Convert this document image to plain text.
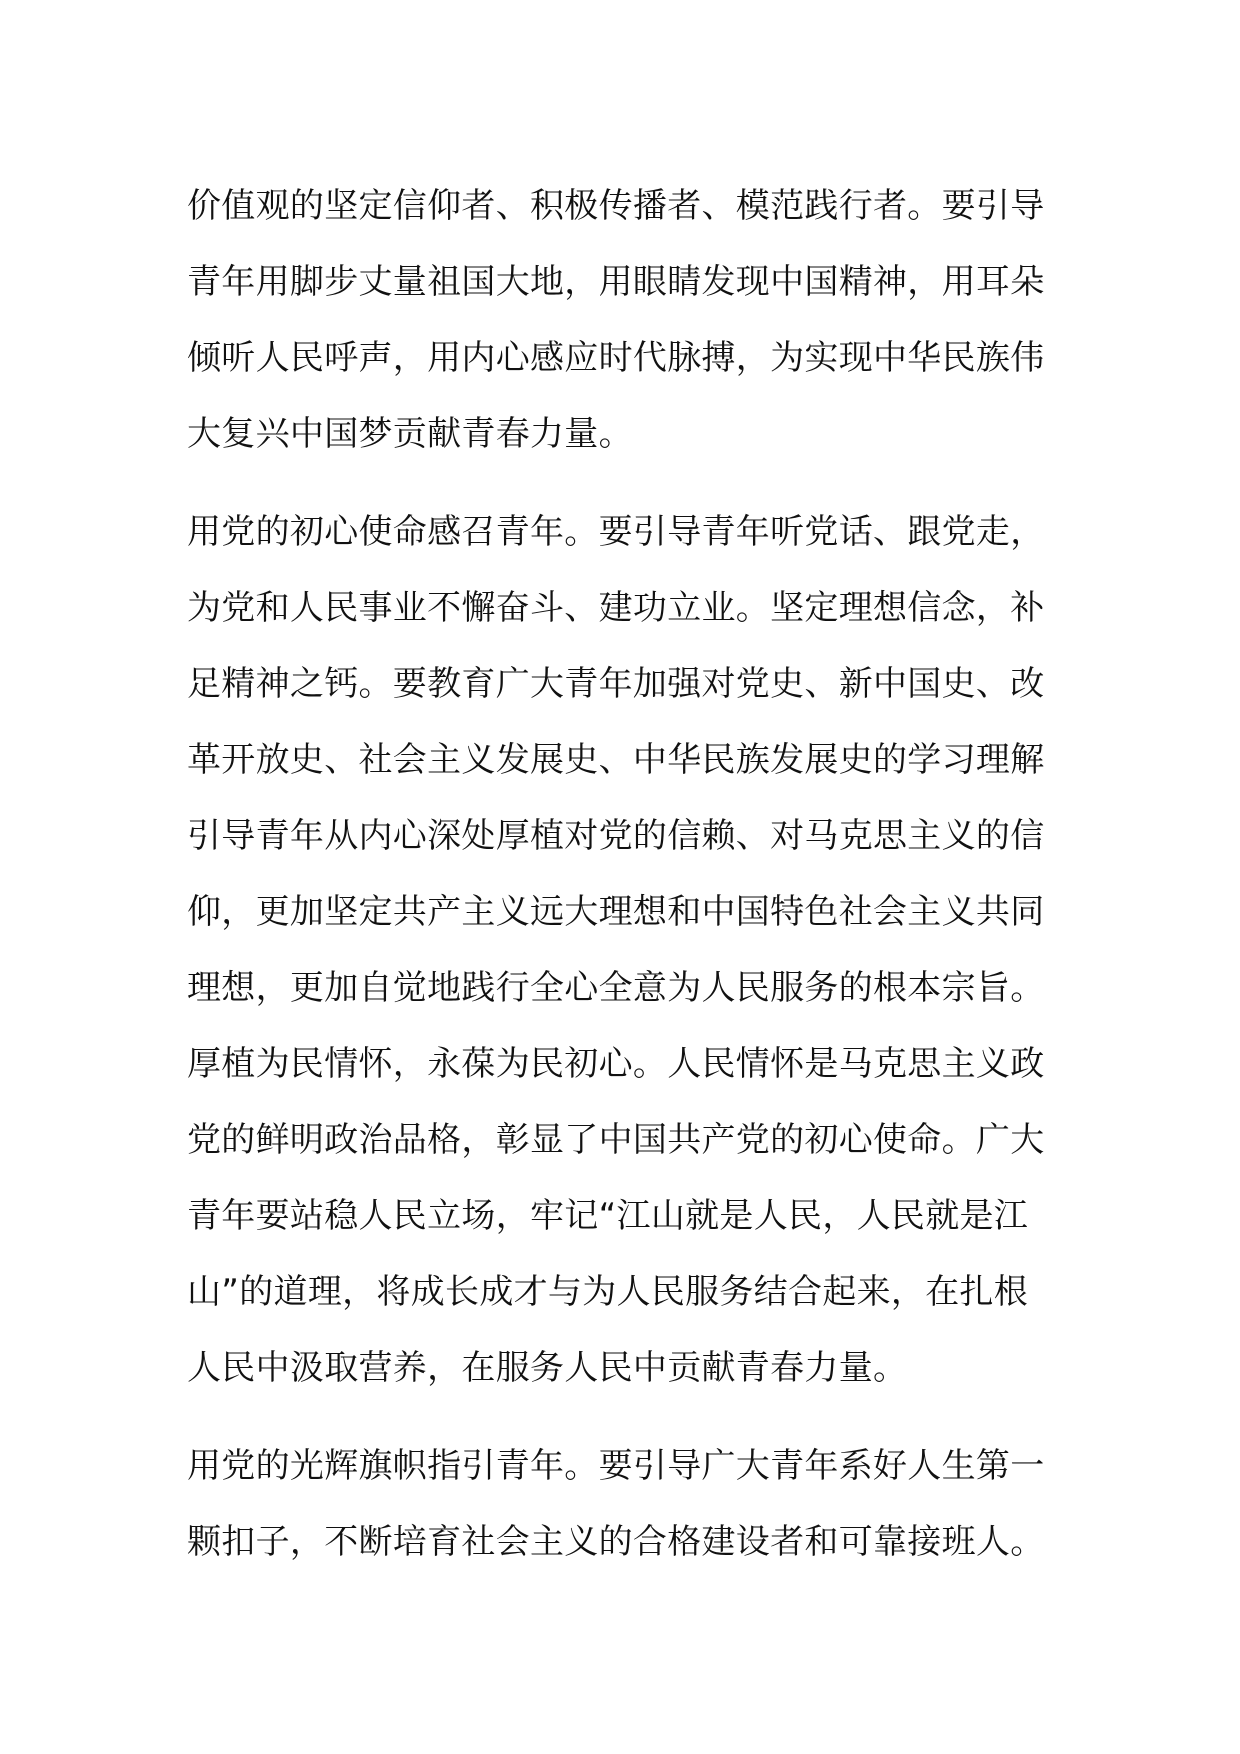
价值观的坚定信仰者、积极传播者、模范践行者。要引导
青年用脚步丈量祖国大地，用眼睛发现中国精神，用耳朵
倾听人民呼声，用内心感应时代脉搏，为实现中华民族伟
大复兴中国梦贡献青春力量。
用党的初心使命感召青年。要引导青年听党话、跟党走，
为党和人民事业不懈奋斗、建功立业。坚定理想信念，补
足精神之钙。要教育广大青年加强对党史、新中国史、改
革开放史、社会主义发展史、中华民族发展史的学习理解
引导青年从内心深处厚植对党的信赖、对马克思主义的信
仰，更加坚定共产主义远大理想和中国特色社会主义共同
理想，更加自觉地践行全心全意为人民服务的根本宗旨。
厚植为民情怀，永葆为民初心。人民情怀是马克思主义政
党的鲜明政治品格，彰显了中国共产党的初心使命。广大
青年要站稳人民立场，牢记“江山就是人民，人民就是江
山”的道理，将成长成才与为人民服务结合起来，在扎根
人民中汲取营养，在服务人民中贡献青春力量。
用党的光辉旗帜指引青年。要引导广大青年系好人生第一
颗扣子，不断培育社会主义的合格建设者和可靠接班人。
